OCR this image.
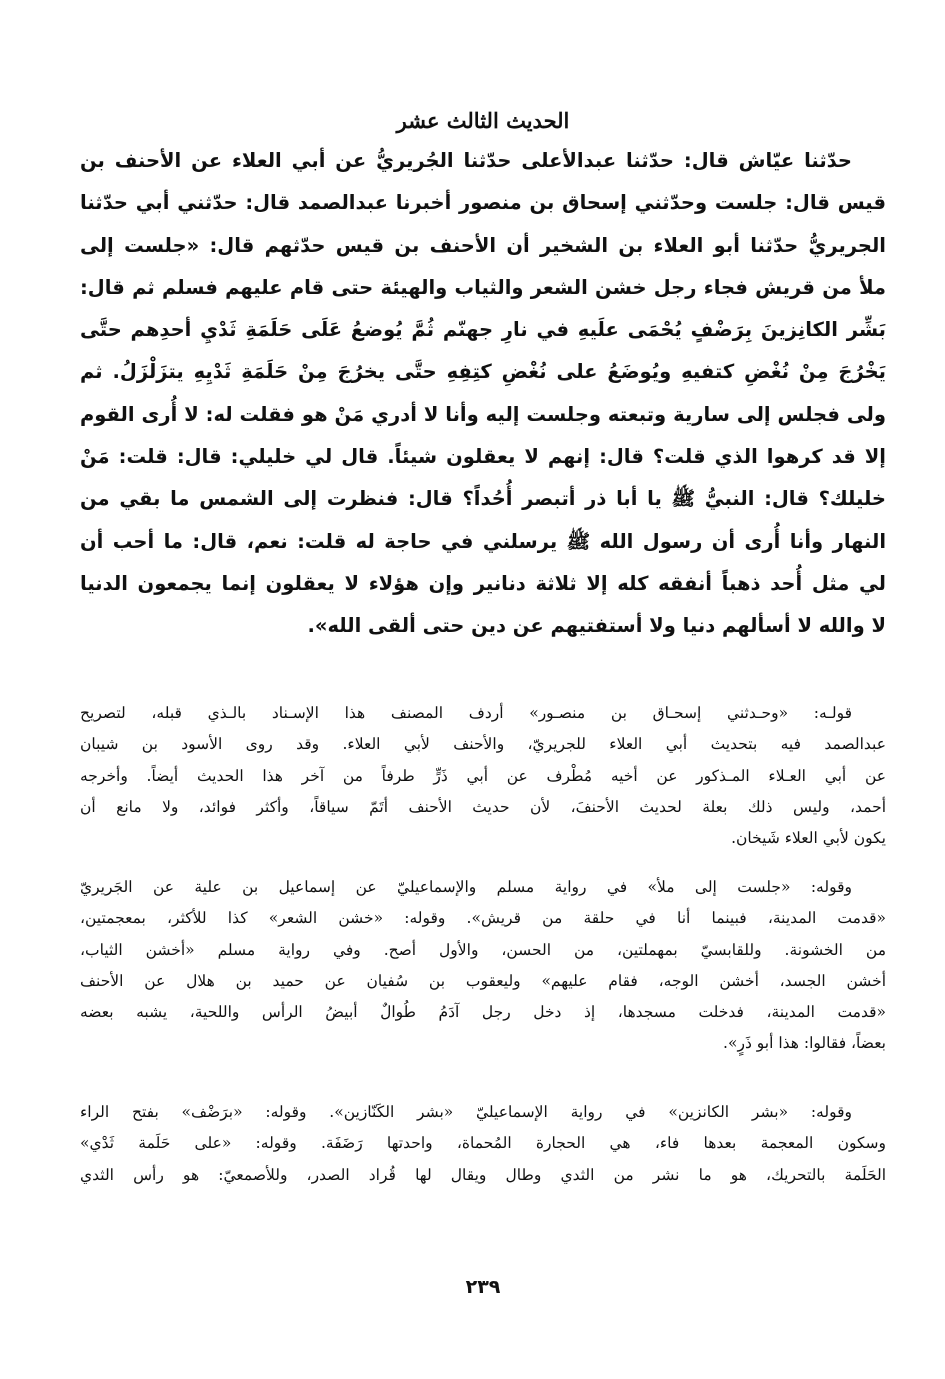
الحديث الثالث عشر
حدّثنا عيّاش قال: حدّثنا عبدالأعلى حدّثنا الجُريريُّ عن أبي العلاء عن الأحنف بن
قيس قال: جلست وحدّثني إسحاق بن منصور أخبرنا عبدالصمد قال: حدّثني أبي حدّثنا
الجريريُّ حدّثنا أبو العلاء بن الشخير أن الأحنف بن قيس حدّثهم قال: «جلست إلى
ملأ من قريش فجاء رجل خشن الشعر والثياب والهيئة حتى قام عليهم فسلم ثم قال:
بَشِّر الكانِزينَ بِرَضْفٍ يُحْمَى علَيهِ في نارِ جهنّم ثُمَّ يُوضعُ عَلَى حَلَمَةِ ثَدْيِ أحدِهم حتَّى
يَخْرُجَ مِنْ نُغْضِ كتفيهِ ويُوضَعُ على نُغْضِ كتِفِهِ حتَّى يخرُجَ مِنْ حَلَمَةِ ثَدْيِهِ يتزَلْزَلُ. ثم
ولى فجلس إلى سارية وتبعته وجلست إليه وأنا لا أدري مَنْ هو فقلت له: لا أُرى القوم
إلا قد كرهوا الذي قلت؟ قال: إنهم لا يعقلون شيئاً. قال لي خليلي: قال: قلت: مَنْ
خليلك؟ قال: النبيُّ ﷺ يا أبا ذر أتبصر أُحُداً؟ قال: فنظرت إلى الشمس ما بقي من
النهار وأنا أُرى أن رسول الله ﷺ يرسلني في حاجة له قلت: نعم، قال: ما أحب أن
لي مثل أُحد ذهباً أنفقه كله إلا ثلاثة دنانير وإن هؤلاء لا يعقلون إنما يجمعون الدنيا
لا والله لا أسألهم دنيا ولا أستفتيهم عن دين حتى ألقى الله».
قولـه: «وحـدثني إسحـاق بن منصـور» أردف المصنف هذا الإسـناد بالـذي قبله، لتصريح
عبدالصمد فيه بتحديث أبي العلاء للجريريّ، والأحنف لأبي العلاء. وقد روى الأسود بن شيبان
عن أبي العـلاء المـذكور عن أخيه مُطْرف عن أبي ذَرٍّ طرفاً من آخر هذا الحديث أيضاً. وأخرجه
أحمد، وليس ذلك بعلة لحديث الأحنفَ، لأن حديث الأحنف أتَمّ سياقاً، وأكثر فوائد، ولا مانع أن
يكون لأبي العلاء شَيخان.
وقوله: «جلست إلى ملأ» في رواية مسلم والإسماعيليّ عن إسماعيل بن علية عن الجَريريّ
«قدمت المدينة، فبينما أنا في حلقة من قريش». وقوله: «خشن الشعر» كذا للأكثر، بمعجمتين،
من الخشونة. وللقابسيّ بمهملتين، من الحسن، والأول أصح. وفي رواية مسلم «أخشن الثياب،
أخشن الجسد، أخشن الوجه، فقام عليهم» وليعقوب بن سُفيان عن حميد بن هلال عن الأحنف
«قدمت المدينة، فدخلت مسجدها، إذ دخل رجل آدَمُ طُوالٌ أبيضُ الرأس واللحية، يشبه بعضه
بعضاً، فقالوا: هذا أبو ذَرٍ».
وقوله: «بشر الكانزين» في رواية الإسماعيليّ «بشر الكَنّازين». وقوله: «برَضْف» بفتح الراء
وسكون المعجمة بعدها فاء، هي الحجارة المُحماة، واحدتها رَضَفَة. وقوله: «على حَلَمة ثَدْي»
الحَلَمة بالتحريك، هو ما نشر من الثدي وطال ويقال لها قُراد الصدر، وللأصمعيّ: هو رأس الثدي
٢٣٩
